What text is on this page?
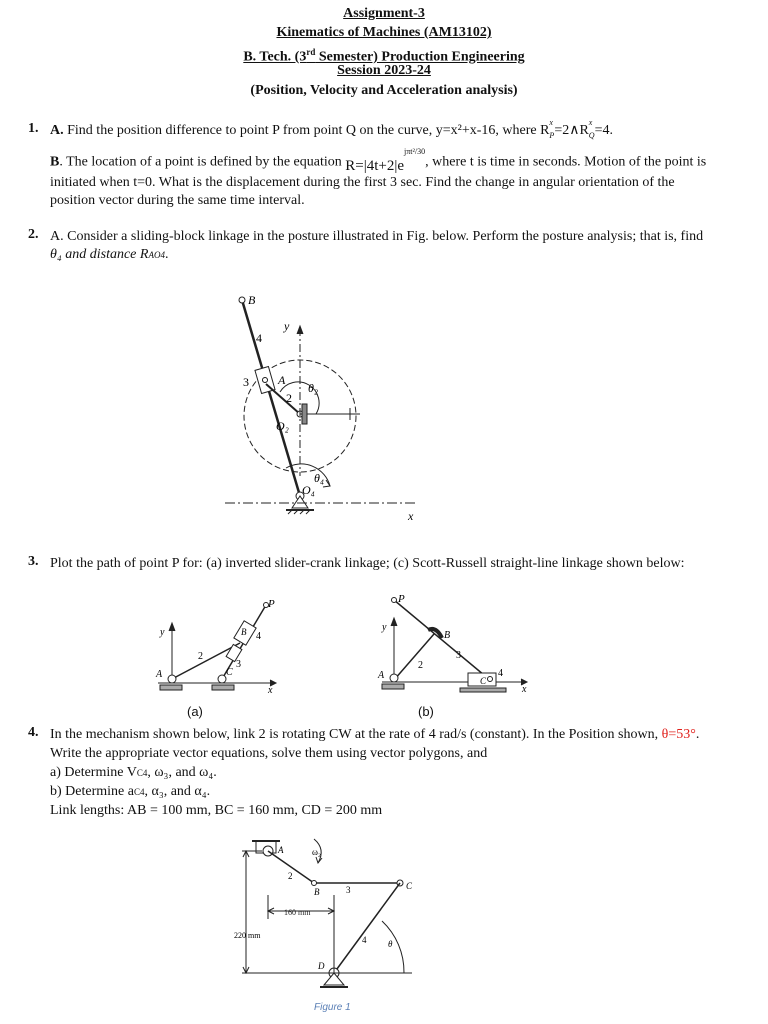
Assignment-3
Kinematics of Machines (AM13102)
B. Tech. (3rd Semester) Production Engineering
Session 2023-24
(Position, Velocity and Acceleration analysis)
1. A. Find the position difference to point P from point Q on the curve, y=x²+x-16, where R
x
$_P$=2∧R
x
$_Q$=4.
B. The location of a point is defined by the equation $R=|4t+2|e^{j\pi t^2/30}$, where t is time in seconds. Motion of the point is
initiated when t=0. What is the displacement during the first 3 sec. Find the change in angular orientation of the
position vector during the same time interval.
2. A. Consider a sliding-block linkage in the posture illustrated in Fig. below. Perform the posture analysis; that is, find
θ₄ and distance RAO4.
B
4
y
3 A
θ₂
2
O₂
θ₄
O₄
x
3. Plot the path of point P for: (a) inverted slider-crank linkage; (c) Scott-Russell straight-line linkage shown below:
P
B 4
y
2
3
A	C
x
(a)
P
y
B
2
3
4
A	C
x
(b)
4. In the mechanism shown below, link 2 is rotating CW at the rate of 4 rad/s (constant). In the Position shown, θ=53°.
Write the appropriate vector equations, solve them using vector polygons, and
a) Determine VC4, ω₃, and ω₄.
b) Determine aC4, α₃, and α₄.
Link lengths: AB = 100 mm, BC = 160 mm, CD = 200 mm
A	ω₂
2
B	3	C
160 mm
220 mm	4 θ
D
Figure 1
